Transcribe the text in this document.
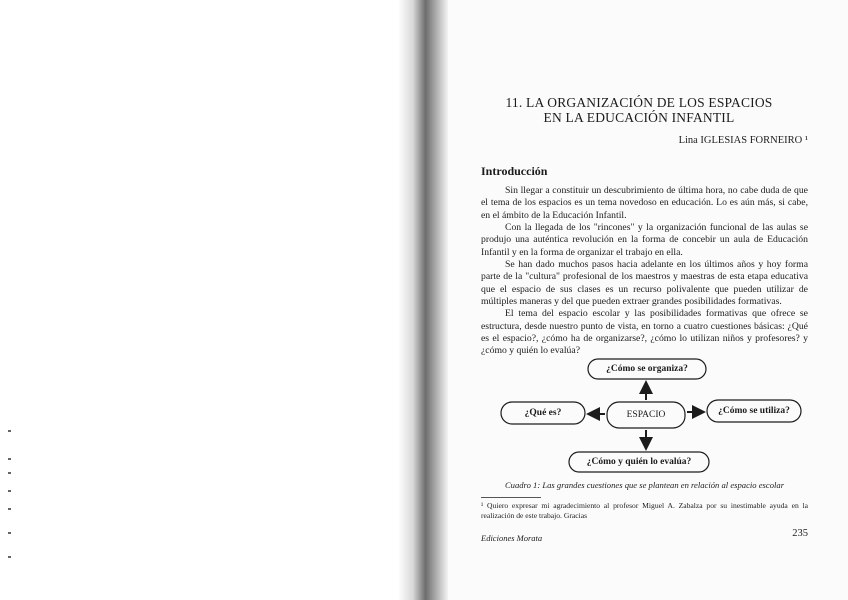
11. LA ORGANIZACIÓN DE LOS ESPACIOS
EN LA EDUCACIÓN INFANTIL
Lina IGLESIAS FORNEIRO ¹
Introducción

Sin llegar a constituir un descubrimiento de última hora, no cabe duda de que el tema de los espacios es un tema novedoso en educación. Lo es aún más, si cabe, en el ámbito de la Educación Infantil.

Con la llegada de los "rincones" y la organización funcional de las aulas se produjo una auténtica revolución en la forma de concebir un aula de Educación Infantil y en la forma de organizar el trabajo en ella.

Se han dado muchos pasos hacia adelante en los últimos años y hoy forma parte de la "cultura" profesional de los maestros y maestras de esta etapa educativa que el espacio de sus clases es un recurso polivalente que pueden utilizar de múltiples maneras y del que pueden extraer grandes posibilidades formativas.

El tema del espacio escolar y las posibilidades formativas que ofrece se estructura, desde nuestro punto de vista, en torno a cuatro cuestiones básicas: ¿Qué es el espacio?, ¿cómo ha de organizarse?, ¿cómo lo utilizan niños y profesores? y ¿cómo y quién lo evalúa?

¿Cómo se organiza?
ESPACIO
¿Qué es?	¿Cómo se utiliza?
¿Cómo y quién lo evalúa?
Cuadro 1: Las grandes cuestiones que se plantean en relación al espacio escolar
¹ Quiero expresar mi agradecimiento al profesor Miguel A. Zabalza por su inestimable ayuda en la realización de este trabajo. Gracias
Ediciones Morata	235
